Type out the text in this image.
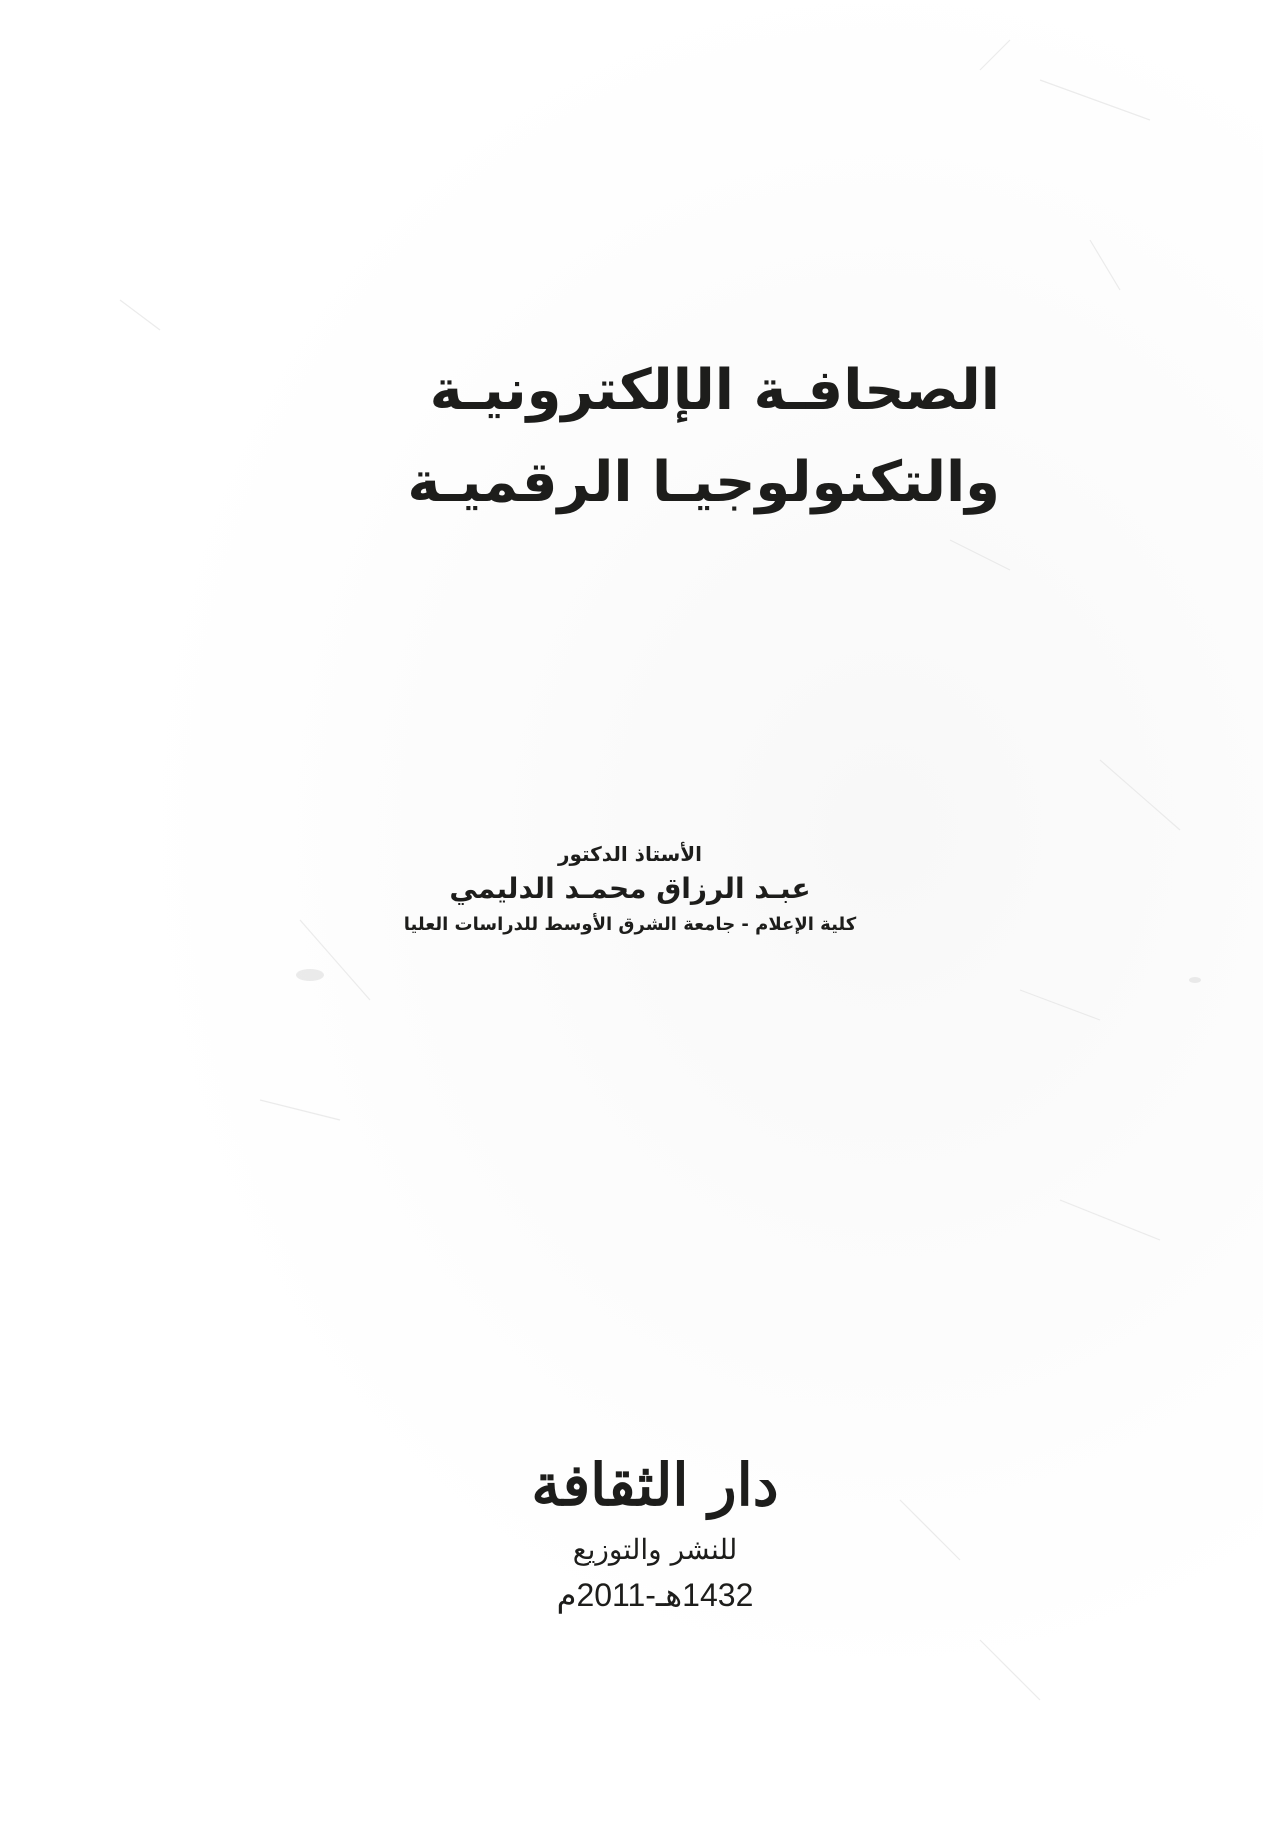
الصحافـة الإلكترونيـة
والتكنولوجيـا الرقميـة
الأستاذ الدكتور
عبـد الرزاق محمـد الدليمي
كلية الإعلام - جامعة الشرق الأوسط للدراسات العليا
دار الثقافة
للنشر والتوزيع
1432هـ-2011م
